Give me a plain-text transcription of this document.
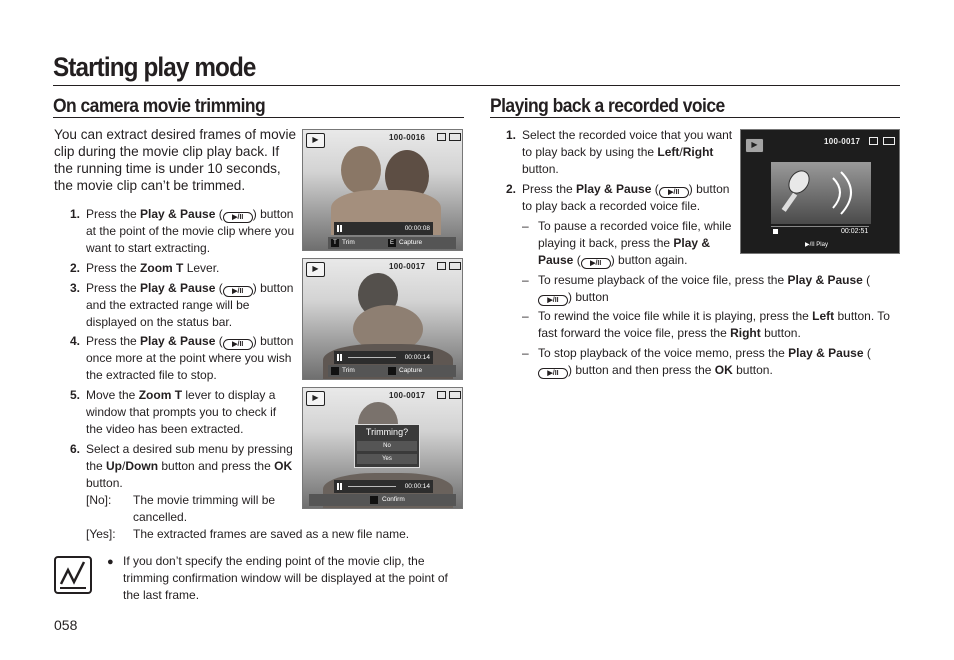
Starting play mode
On camera movie trimming
You can extract desired frames of movie clip during the movie clip play back. If the running time is under 10 seconds, the movie clip can’t be trimmed.
1. Press the Play & Pause ( ▶/II ) button at the point of the movie clip where you want to start extracting.
2. Press the Zoom T Lever.
3. Press the Play & Pause ( ▶/II ) button and the extracted range will be displayed on the status bar.
4. Press the Play & Pause ( ▶/II ) button once more at the point where you wish the extracted file to stop.
5. Move the Zoom T lever to display a window that prompts you to check if the video has been extracted.
6. Select a desired sub menu by pressing the Up/Down button and press the OK button.
[No]: The movie trimming will be cancelled.
[Yes]: The extracted frames are saved as a new file name.
▶	100-0016
00:00:08
T Trim	E Capture
▶	100-0017
00:00:14
Trim	Capture
▶	100-0017
Trimming?
No
Yes
00:00:14
Confirm
● If you don’t specify the ending point of the movie clip, the trimming confirmation window will be displayed at the point of the last frame.
058
Playing back a recorded voice
1. Select the recorded voice that you want to play back by using the Left/Right button.
2. Press the Play & Pause ( ▶/II ) button to play back a recorded voice file.
– To pause a recorded voice file, while playing it back, press the Play & Pause ( ▶/II ) button again.
– To resume playback of the voice file, press the Play & Pause (▶/II ) button
– To rewind the voice file while it is playing, press the Left button. To fast forward the voice file, press the Right button.
– To stop playback of the voice memo, press the Play & Pause (▶/II ) button and then press the OK button.
▶	100-0017
00:02:51
▶/II Play
